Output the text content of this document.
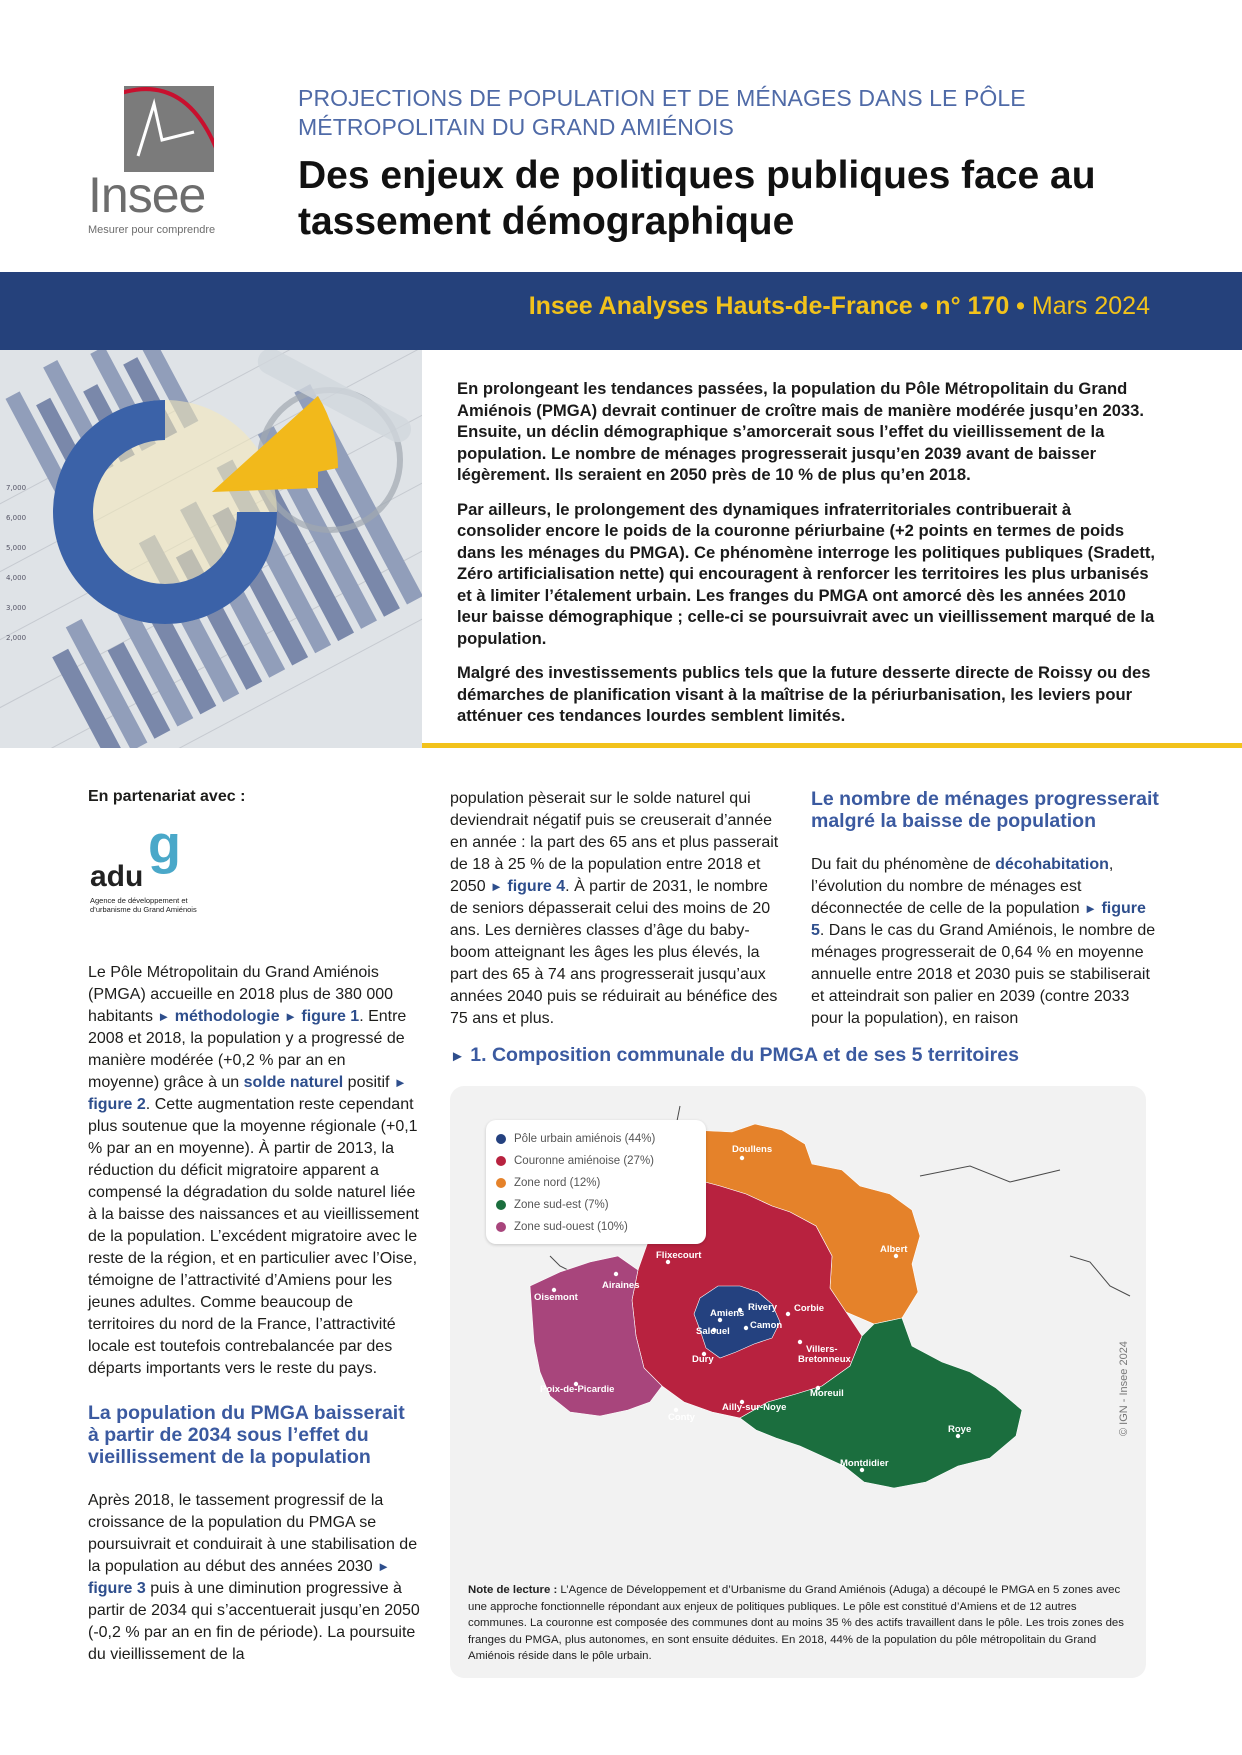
Insee
Mesurer pour comprendre
PROJECTIONS DE POPULATION ET DE MÉNAGES DANS LE PÔLE MÉTROPOLITAIN DU GRAND AMIÉNOIS
Des enjeux de politiques publiques face au tassement démographique
Insee Analyses Hauts-de-France • n° 170 • Mars 2024
7,000
6,000
5,000
4,000
3,000
2,000

En prolongeant les tendances passées, la population du Pôle Métropolitain du Grand Amiénois (PMGA) devrait continuer de croître mais de manière modérée jusqu’en 2033. Ensuite, un déclin démographique s’amorcerait sous l’effet du vieillissement de la population. Le nombre de ménages progresserait jusqu’en 2039 avant de baisser légèrement. Ils seraient en 2050 près de 10 % de plus qu’en 2018.

Par ailleurs, le prolongement des dynamiques infraterritoriales contribuerait à consolider encore le poids de la couronne périurbaine (+2 points en termes de poids dans les ménages du PMGA). Ce phénomène interroge les politiques publiques (Sradett, Zéro artificialisation nette) qui encouragent à renforcer les territoires les plus urbanisés et à limiter l’étalement urbain. Les franges du PMGA ont amorcé dès les années 2010 leur baisse démographique ; celle-ci se poursuivrait avec un vieillissement marqué de la population.

Malgré des investissements publics tels que la future desserte directe de Roissy ou des démarches de planification visant à la maîtrise de la périurbanisation, les leviers pour atténuer ces tendances lourdes semblent limités.

En partenariat avec :
g
adu
Agence de développement et d’urbanisme du Grand Amiénois

Le Pôle Métropolitain du Grand Amiénois (PMGA) accueille en 2018 plus de 380 000 habitants ► méthodologie ► figure 1. Entre 2008 et 2018, la population y a progressé de manière modérée (+0,2 % par an en moyenne) grâce à un solde naturel positif ► figure 2. Cette augmentation reste cependant plus soutenue que la moyenne régionale (+0,1 % par an en moyenne). À partir de 2013, la réduction du déficit migratoire apparent a compensé la dégradation du solde naturel liée à la baisse des naissances et au vieillissement de la population. L’excédent migratoire avec le reste de la région, et en particulier avec l’Oise, témoigne de l’attractivité d’Amiens pour les jeunes adultes. Comme beaucoup de territoires du nord de la France, l’attractivité locale est toutefois contrebalancée par des départs importants vers le reste du pays.

La population du PMGA baisserait à partir de 2034 sous l’effet du vieillissement de la population

Après 2018, le tassement progressif de la croissance de la population du PMGA se poursuivrait et conduirait à une stabilisation de la population au début des années 2030 ► figure 3 puis à une diminution progressive à partir de 2034 qui s’accentuerait jusqu’en 2050 (-0,2 % par an en fin de période). La poursuite du vieillissement de la

population pèserait sur le solde naturel qui deviendrait négatif puis se creuserait d’année en année : la part des 65 ans et plus passerait de 18 à 25 % de la population entre 2018 et 2050 ► figure 4. À partir de 2031, le nombre de seniors dépasserait celui des moins de 20 ans. Les dernières classes d’âge du baby-boom atteignant les âges les plus élevés, la part des 65 à 74 ans progresserait jusqu’aux années 2040 puis se réduirait au bénéfice des 75 ans et plus.

Le nombre de ménages progresserait malgré la baisse de population

Du fait du phénomène de décohabitation, l’évolution du nombre de ménages est déconnectée de celle de la population ► figure 5. Dans le cas du Grand Amiénois, le nombre de ménages progresserait de 0,64 % en moyenne annuelle entre 2018 et 2030 puis se stabiliserait et atteindrait son palier en 2039 (contre 2033 pour la population), en raison

► 1. Composition communale du PMGA et de ses 5 territoires
Doullens
Albert
Flixecourt
Oisemont
Airaines
Amiens
Rivery Corbie
Salouel
Camon
Dury
Villers-
Bretonneux
Poix-de-Picardie	Moreuil
Ailly-sur-Noye
Conty
Roye
Montdidier
Pôle urbain amiénois (44%)
Couronne amiénoise (27%)
Zone nord (12%)
Zone sud-est (7%)
Zone sud-ouest (10%)
© IGN - Insee 2024
Note de lecture : L’Agence de Développement et d’Urbanisme du Grand Amiénois (Aduga) a découpé le PMGA en 5 zones avec une approche fonctionnelle répondant aux enjeux de politiques publiques. Le pôle est constitué d’Amiens et de 12 autres communes. La couronne est composée des communes dont au moins 35 % des actifs travaillent dans le pôle. Les trois zones des franges du PMGA, plus autonomes, en sont ensuite déduites. En 2018, 44% de la population du pôle métropolitain du Grand Amiénois réside dans le pôle urbain.
